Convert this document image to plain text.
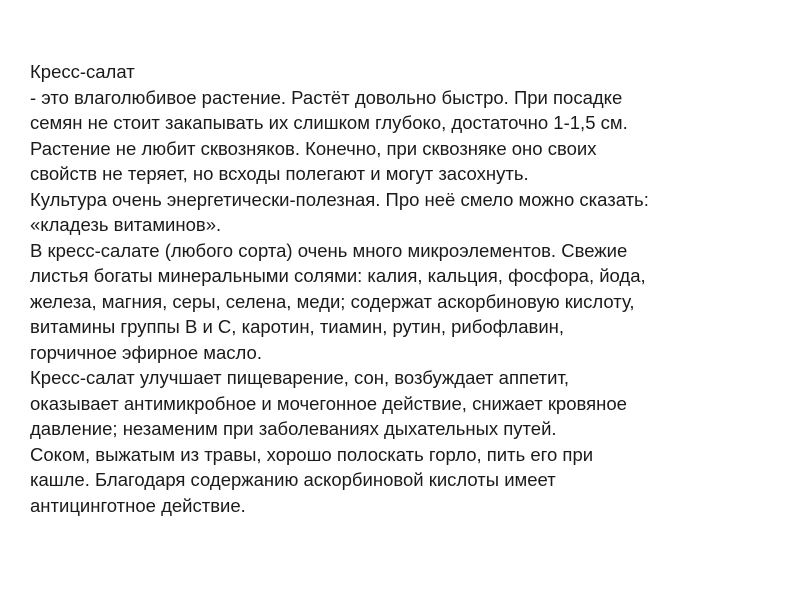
Кресс-салат
- это влаголюбивое растение. Растёт довольно быстро. При посадке
семян не стоит закапывать их слишком глубоко, достаточно 1-1,5 см.
Растение не любит сквозняков. Конечно, при сквозняке оно своих
свойств не теряет, но всходы полегают и могут засохнуть.
Культура очень энергетически-полезная. Про неё смело можно сказать:
«кладезь витаминов».
В кресс-салате (любого сорта) очень много микроэлементов. Свежие
листья богаты минеральными солями: калия, кальция, фосфора, йода,
железа, магния, серы, селена, меди; содержат аскорбиновую кислоту,
витамины группы В и С, каротин, тиамин, рутин, рибофлавин,
горчичное эфирное масло.
Кресс-салат улучшает пищеварение, сон, возбуждает аппетит,
оказывает антимикробное и мочегонное действие, снижает кровяное
давление; незаменим при заболеваниях дыхательных путей.
Соком, выжатым из травы, хорошо полоскать горло, пить его при
кашле. Благодаря содержанию аскорбиновой кислоты имеет
антицинготное действие.
